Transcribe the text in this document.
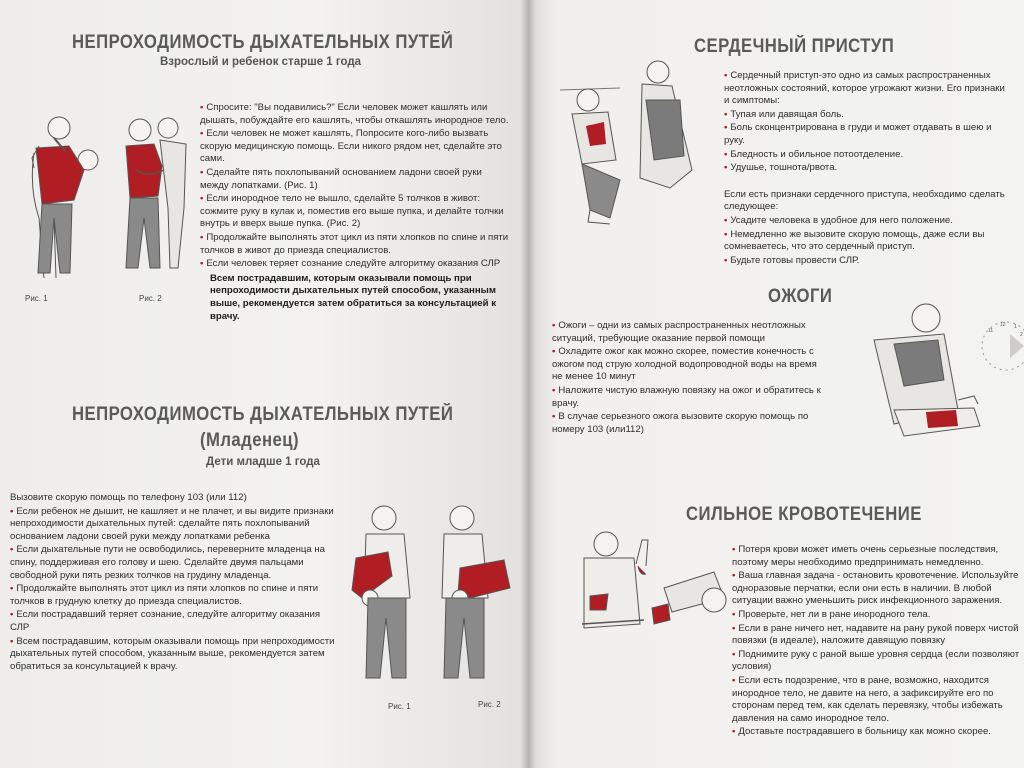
НЕПРОХОДИМОСТЬ ДЫХАТЕЛЬНЫХ ПУТЕЙ
Взрослый и ребенок старше 1 года
Рис. 1	Рис. 2

• Спросите: "Вы подавились?" Если человек может кашлять или дышать, побуждайте его кашлять, чтобы откашлять инородное тело.

• Если человек не может кашлять, Попросите кого-либо вызвать скорую медицинскую помощь. Если никого рядом нет, сделайте это сами.

• Сделайте пять похлопываний основанием ладони своей руки между лопатками. (Рис. 1)

• Если инородное тело не вышло, сделайте 5 толчков в живот: сожмите руку в кулак и, поместив его выше пупка, и делайте толчки внутрь и вверх выше пупка. (Рис. 2)

• Продолжайте выполнять этот цикл из пяти хлопков по спине и пяти толчков в живот до приезда специалистов.

• Если человек теряет сознание следуйте алгоритму оказания СЛР

Всем пострадавшим, которым оказывали помощь при непроходимости дыхательных путей способом, указанным выше, рекомендуется затем обратиться за консультацией к врачу.

НЕПРОХОДИМОСТЬ ДЫХАТЕЛЬНЫХ ПУТЕЙ
(Младенец)
Дети младше 1 года

Вызовите скорую помощь по телефону 103 (или 112)

• Если ребенок не дышит, не кашляет и не плачет, и вы видите признаки непроходимости дыхательных путей: сделайте пять похлопываний основанием ладони своей руки между лопатками ребенка

• Если дыхательные пути не освободились, переверните младенца на спину, поддерживая его голову и шею. Сделайте двумя пальцами свободной руки пять резких толчков на грудину младенца.

• Продолжайте выполнять этот цикл из пяти хлопков по спине и пяти толчков в грудную клетку до приезда специалистов.

• Если пострадавший теряет сознание, следуйте алгоритму оказания СЛР

• Всем пострадавшим, которым оказывали помощь при непроходимости дыхательных путей способом, указанным выше, рекомендуется затем обратиться за консультацией к врачу.

Рис. 1	Рис. 2
СЕРДЕЧНЫЙ ПРИСТУП

• Сердечный приступ-это одно из самых распространенных неотложных состояний, которое угрожают жизни. Его признаки и симптомы:

• Тупая или давящая боль.

• Боль сконцентрирована в груди и может отдавать в шею и руку.

• Бледность и обильное потоотделение.

• Удушье, тошнота/рвота.

Если есть признаки сердечного приступа, необходимо сделать следующее:

• Усадите человека в удобное для него положение.

• Немедленно же вызовите скорую помощь, даже если вы сомневаетесь, что это сердечный приступ.

• Будьте готовы провести СЛР.

ОЖОГИ

• Ожоги – одни из самых распространенных неотложных ситуаций, требующие оказание первой помощи

• Охладите ожог как можно скорее, поместив конечность с ожогом под струю холодной водопроводной воды на время не менее 10 минут

• Наложите чистую влажную повязку на ожог и обратитесь к врачу.

• В случае серьезного ожога вызовите скорую помощь по номеру 103 (или112)

11
12 1
2
СИЛЬНОЕ КРОВОТЕЧЕНИЕ

• Потеря крови может иметь очень серьезные последствия, поэтому меры необходимо предпринимать немедленно.

• Ваша главная задача - остановить кровотечение. Используйте одноразовые перчатки, если они есть в наличии. В любой ситуации важно уменьшить риск инфекционного заражения.

• Проверьте, нет ли в ране инородного тела.

• Если в ране ничего нет, надавите на рану рукой поверх чистой повязки (в идеале), наложите давящую повязку

• Поднимите руку с раной выше уровня сердца (если позволяют условия)

• Если есть подозрение, что в ране, возможно, находится инородное тело, не давите на него, а зафиксируйте его по сторонам перед тем, как сделать перевязку, чтобы избежать давления на само инородное тело.

• Доставьте пострадавшего в больницу как можно скорее.
